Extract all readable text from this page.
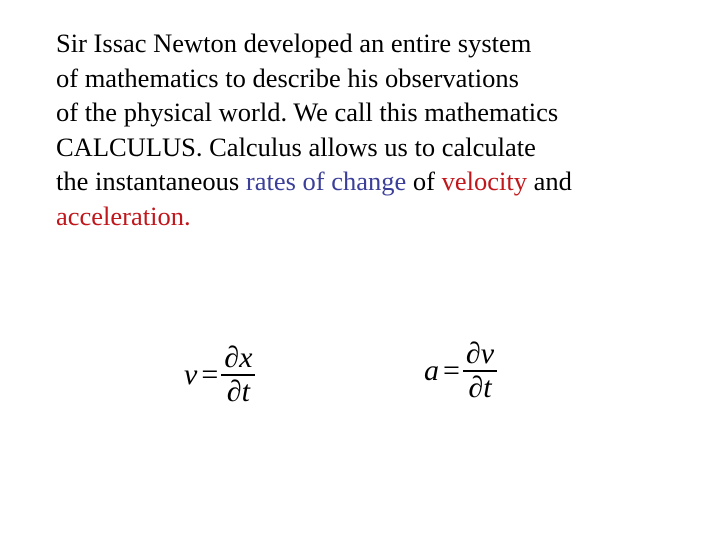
Sir Issac Newton developed an entire system
of mathematics to describe his observations
of the physical world. We call this mathematics
CALCULUS. Calculus allows us to calculate
the instantaneous rates of change of velocity and
acceleration.
$v = \frac{\partial x}{\partial t}$	$a = \frac{\partial v}{\partial t}$
